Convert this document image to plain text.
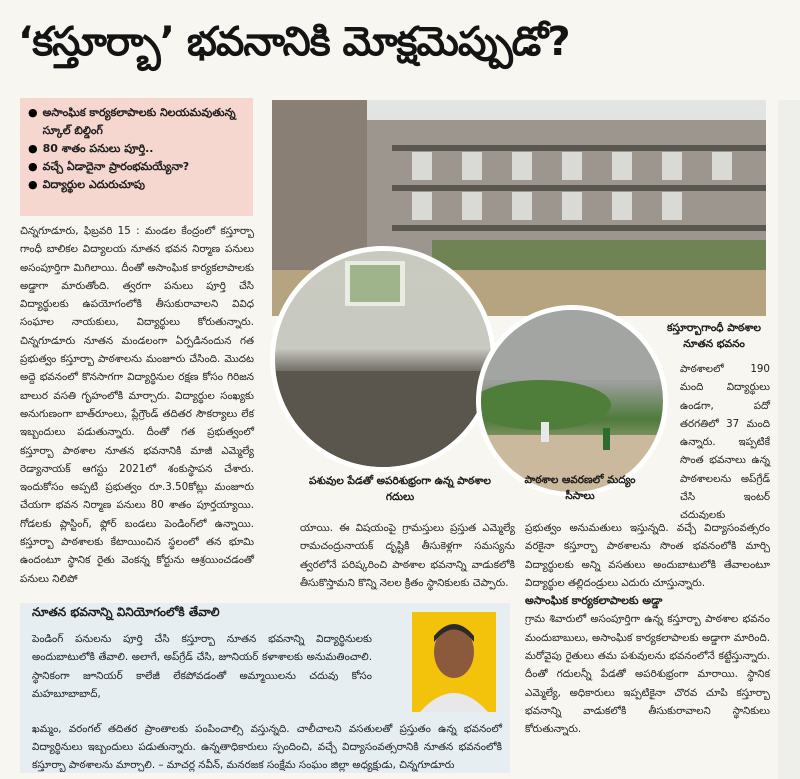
‘కస్తూర్బా’ భవనానికి మోక్షమెప్పుడో?
● అసాంఘిక కార్యకలాపాలకు నిలయమవుతున్న స్కూల్ బిల్డింగ్
● 80 శాతం పనులు పూర్తి..
● వచ్చే ఏడాదైనా ప్రారంభమయ్యేనా?
● విద్యార్థుల ఎదురుచూపు
చిన్నగూడూరు, ఫిబ్రవరి 15 : మండల కేంద్రంలో కస్తూర్బా గాంధీ బాలికల విద్యాలయ నూతన భవన నిర్మాణ పనులు అసంపూర్తిగా మిగిలాయి. దీంతో అసాంఘిక కార్యకలాపాలకు అడ్డాగా మారుతోంది. త్వరగా పనులు పూర్తి చేసి విద్యార్థులకు ఉపయోగంలోకి తీసుకురావాలని వివిధ సంఘాల నాయకులు, విద్యార్థులు కోరుతున్నారు. చిన్నగూడూరు నూతన మండలంగా ఏర్పడినందున గత ప్రభుత్వం కస్తూర్బా పాఠశాలను మంజూరు చేసింది. మొదట అద్దె భవనంలో కొనసాగగా విద్యార్థినుల రక్షణ కోసం గిరిజన బాలుర వసతి గృహంలోకి మార్చారు. విద్యార్థుల సంఖ్యకు అనుగుణంగా బాత్‌రూంలు, ప్లేగ్రౌండ్ తదితర సౌకర్యాలు లేక ఇబ్బందులు పడుతున్నారు. దీంతో గత ప్రభుత్వంలో కస్తూర్బా పాఠశాల నూతన భవనానికి మాజీ ఎమ్మెల్యే రెడ్యానాయక్ ఆగస్టు 2021లో శంకుస్థాపన చేశారు. ఇందుకోసం అప్పటి ప్రభుత్వం రూ.3.50కోట్లు మంజూరు చేయగా భవన నిర్మాణ పనులు 80 శాతం పూర్తయ్యాయి. గోడలకు ప్లాస్టింగ్, ఫ్లోర్ బండలు పెండింగ్‌లో ఉన్నాయి. కస్తూర్బా పాఠశాలకు కేటాయించిన స్థలంలో తన భూమి ఉందంటూ స్థానిక రైతు వెంకన్న కోర్టును ఆశ్రయించడంతో పనులు నిలిపో
పశువుల పేడతో అపరిశుభ్రంగా ఉన్న పాఠశాల గదులు
పాఠశాల ఆవరణలో మద్యం సీసాలు
కస్తూర్బాగాంధీ పాఠశాల నూతన భవనం
పాఠశాలలో 190 మంది విద్యార్థులు ఉండగా, పదో తరగతిలో 37 మంది ఉన్నారు. ఇప్పటికే సొంత భవనాలు ఉన్న పాఠశాలలను అప్‌గ్రేడ్ చేసి ఇంటర్ చదువులకు
యాయి. ఈ విషయంపై గ్రామస్తులు ప్రస్తుత ఎమ్మెల్యే రామచంద్రునాయక్ దృష్టికి తీసుకెళ్లగా సమస్యను త్వరలోనే పరిష్కరించి పాఠశాల భవనాన్ని వాడుకలోకి తీసుకొస్తామని కొన్ని నెలల క్రితం స్థానికులకు చెప్పారు.
ప్రభుత్వం అనుమతులు ఇస్తున్నది. వచ్చే విద్యాసంవత్సరం వరకైనా కస్తూర్బా పాఠశాలను సొంత భవనంలోకి మార్చి విద్యార్థులకు అన్ని వసతులు అందుబాటులోకి తేవాలంటూ విద్యార్థుల తల్లిదండ్రులు ఎదురు చూస్తున్నారు.
అసాంఘిక కార్యకలాపాలకు అడ్డా
గ్రామ శివారులో అసంపూర్తిగా ఉన్న కస్తూర్బా పాఠశాల భవనం మందుబాబులు, అసాంఘిక కార్యకలాపాలకు అడ్డాగా మారింది. మరోవైపు రైతులు తమ పశువులను భవనంలోనే కట్టేస్తున్నారు. దీంతో గదులన్నీ పేడతో అపరిశుభ్రంగా మారాయి. స్థానిక ఎమ్మెల్యే, అధికారులు ఇప్పటికైనా చొరవ చూపి కస్తూర్బా భవనాన్ని వాడుకలోకి తీసుకురావాలని స్థానికులు కోరుతున్నారు.
నూతన భవనాన్ని వినియోగంలోకి తేవాలి
పెండింగ్ పనులను పూర్తి చేసి కస్తూర్బా నూతన భవనాన్ని విద్యార్థినులకు అందుబాటులోకి తేవాలి. అలాగే, అప్‌గ్రేడ్ చేసి, జూనియర్ కళాశాలకు అనుమతించాలి. స్థానికంగా జూనియర్ కాలేజీ లేకపోవడంతో అమ్మాయిలను చదువు కోసం మహబూబాబాద్,
ఖమ్మం, వరంగల్ తదితర ప్రాంతాలకు పంపించాల్సి వస్తున్నది. చాలీచాలని వసతులతో ప్రస్తుతం ఉన్న భవనంలో విద్యార్థినులు ఇబ్బందులు పడుతున్నారు. ఉన్నతాధికారులు స్పందించి, వచ్చే విద్యాసంవత్సరానికి నూతన భవనంలోకి కస్తూర్బా పాఠశాలను మార్చాలి. – మాచర్ల నవీన్, మనరజక సంక్షేమ సంఘం జిల్లా అధ్యక్షుడు, చిన్నగూడూరు
